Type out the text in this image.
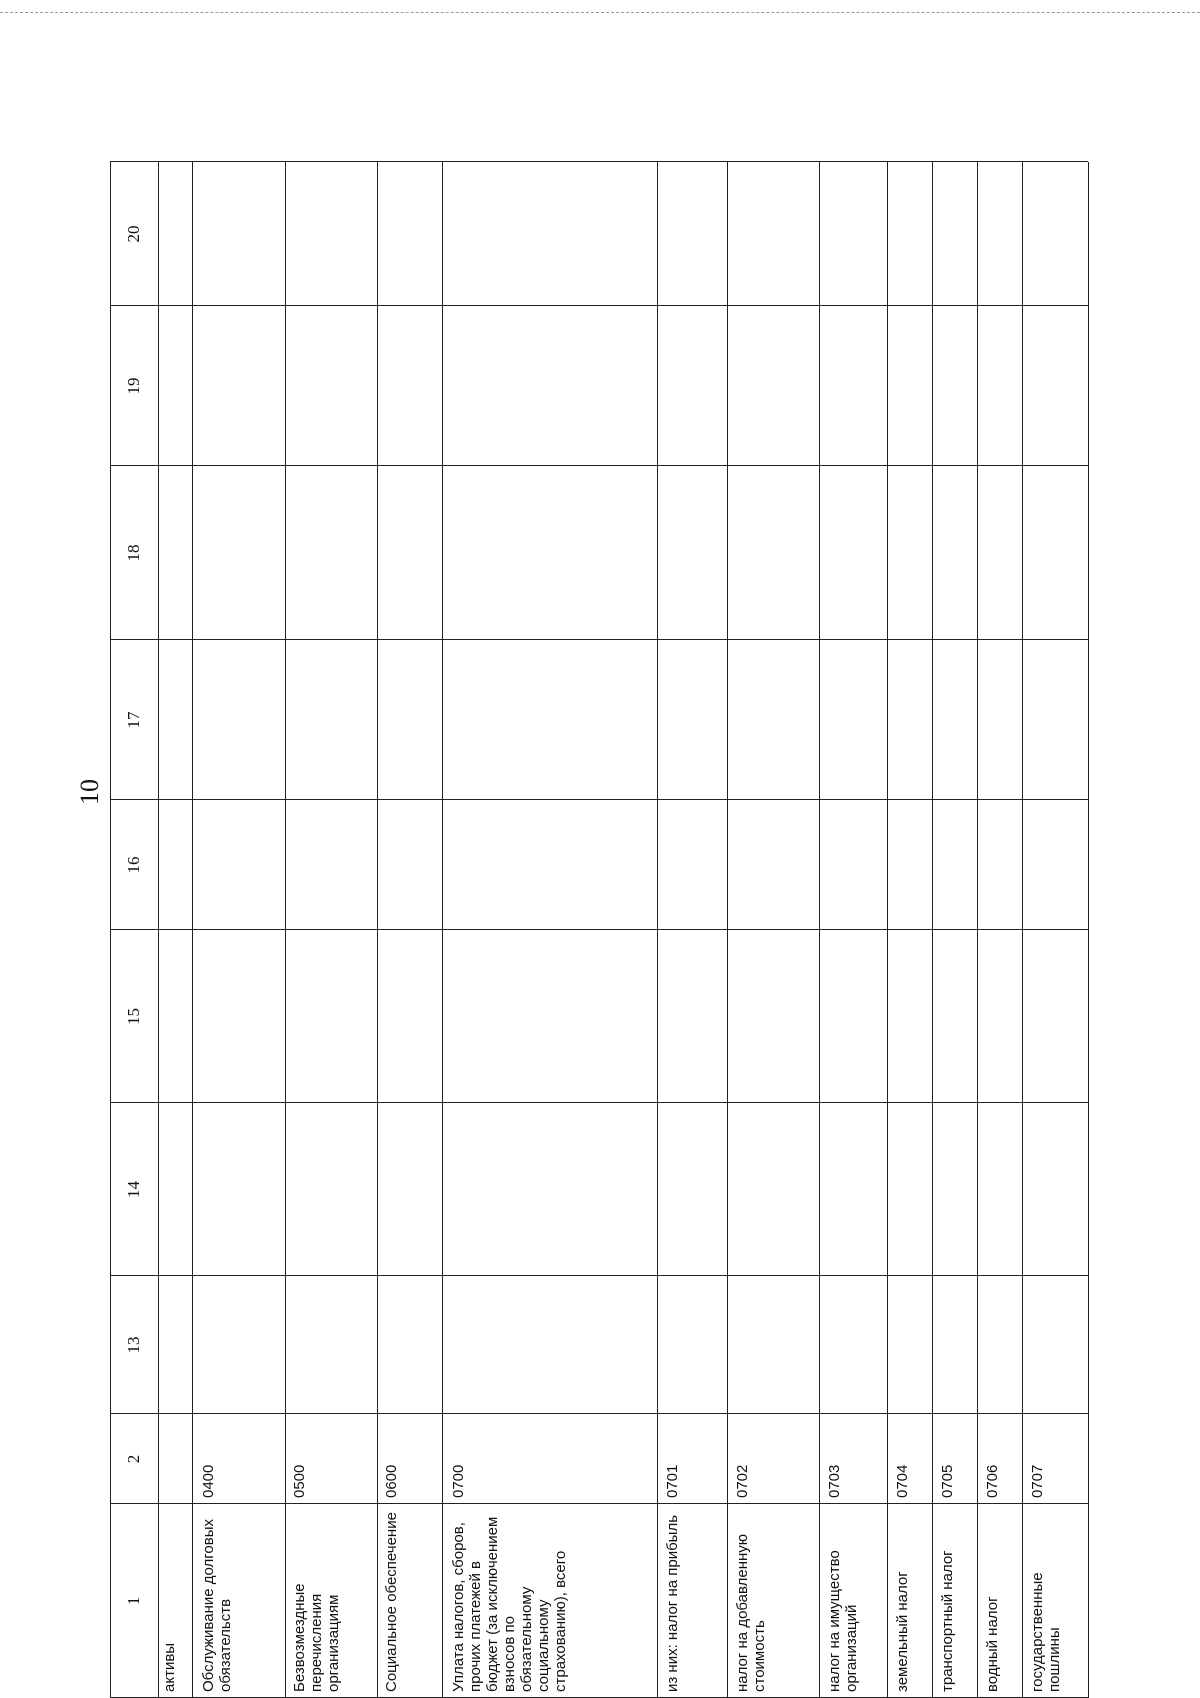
10
1
2
13
14
15
16
17
18
19
20
активы Обслуживание долговых обязательств
0400
Безвозмездные перечисления организациям
0500
Социальное обеспечение
0600
Уплата налогов, сборов, прочих платежей в бюджет (за исключением взносов по обязательному социальному страхованию), всего
0700
из них: налог на прибыль
0701
налог на добавленную стоимость
0702
налог на имущество организаций
0703
земельный налог
0704
транспортный налог
0705
водный налог
0706
государственные пошлины
0707
